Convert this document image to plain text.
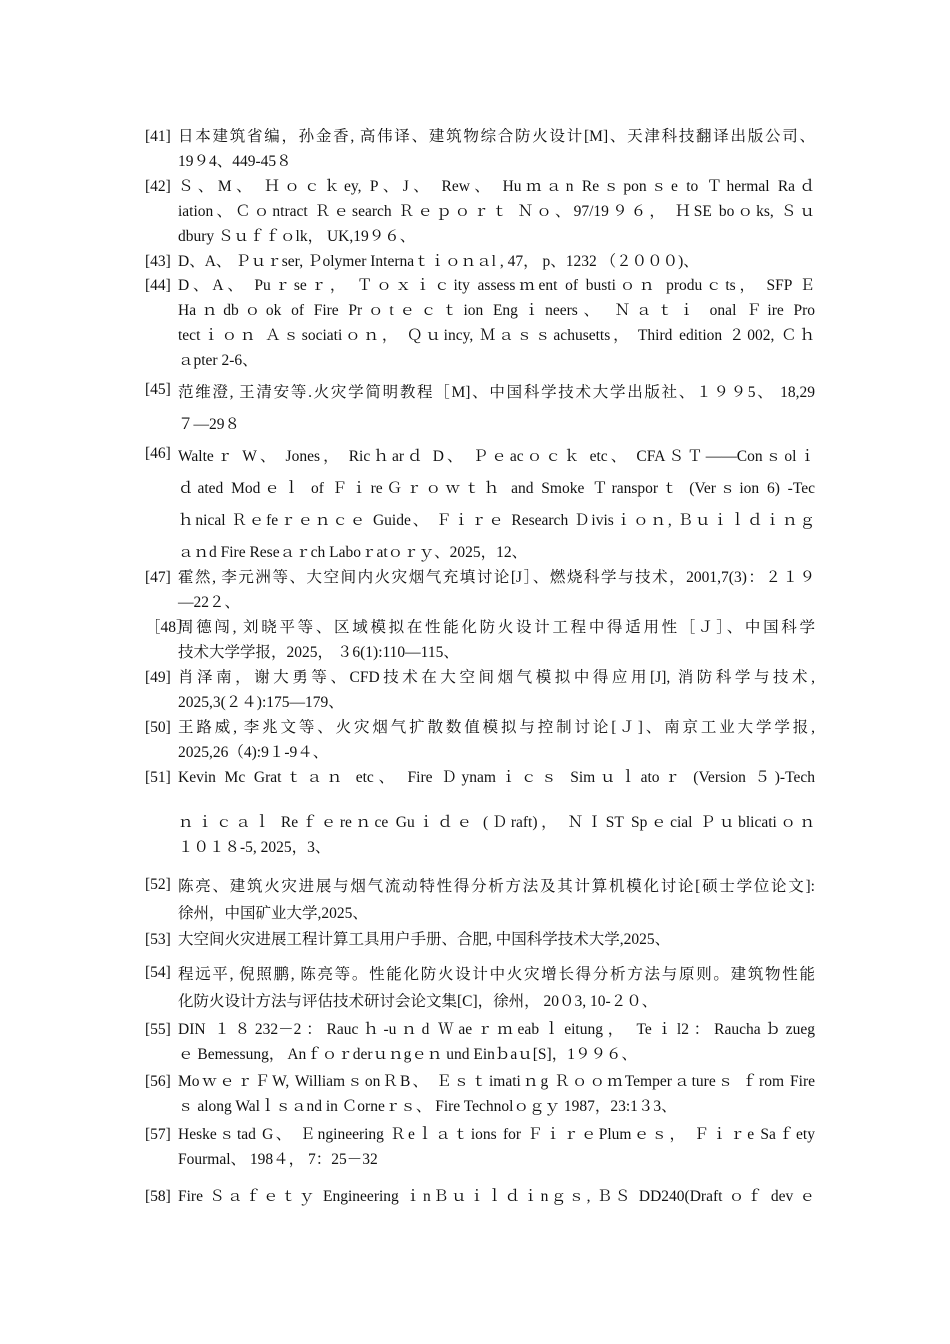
[41] 日本建筑省编，孙金香, 高伟译、建筑物综合防火设计[M]、天津科技翻译出版公司、
19９4、449-45８
[42] Ｓ、M、 Ｈｏｃｋey, P、J、 Rew、 Huｍａn Reｓponｓe to Ｔhermal Raｄ
iation、Ｃｏntract Ｒｅsearch Ｒｅｐｏｒｔ Ｎｏ、97/19９６， ＨSE boｏks, Ｓｕ
dbury Ｓｕｆｆｏlk， UK,19９６、
[43] D、A、 Ｐｕｒser, Ｐolymer Internaｔｉｏｎａl , 47， p、1232 （２０００)、
[44] D、A、 Puｒseｒ， Ｔｏｘｉｃity assessｍent of bustiｏｎ produｃts， SFP Ｅ
Haｎdbｏok of Fire Prｏtｅｃｔion Engｉneers、 Ｎａｔｉ onal Ｆire Pro
tectｉｏｎ Ａｓsociatiｏｎ， Ｑｕincy, Ｍａｓｓachusetts， Third edition ２002, Ｃｈ
ａpter 2-6、
[45] 范维澄, 王清安等.火灾学简明教程［M]、中国科学技术大学出版社、１９９5、 18,29
７—29８
[46] Walteｒ W、 Jones， Ricｈarｄ D、 Ｐｅacｏｃｋ etc、 CFAＳＴ——Conｓolｉ
ｄated Modｅｌ of ＦｉreＧｒｏｗｔｈ and Smoke Ｔransporｔ (Verｓion 6) -Tec
ｈnical Ｒｅfeｒｅｎｃｅ Guide、 Ｆｉｒｅ Research Ｄivisｉｏｎ, Ｂｕｉｌｄｉｎｇ
ａｎd Fire Reseａｒch Laboｒatｏｒｙ、2025，12、
[47] 霍然, 李元洲等、大空间内火灾烟气充填讨论[J］、燃烧科学与技术，2001,7(3)：２１９
—22２、
［48］
周德闯, 刘晓平等、区域模拟在性能化防火设计工程中得适用性［Ｊ］、中国科学
技术大学学报，2025， ３6(1):110—115、
[49] 肖泽南，谢大勇等、CFD技术在大空间烟气模拟中得应用[J], 消防科学与技术,
2025,3(２４):175—179、
[50] 王路威, 李兆文等、火灾烟气扩散数值模拟与控制讨论[Ｊ]、南京工业大学学报,
2025,26（4):9１-9４、
[51] Kevin Mc Gratｔａｎ etc、 Fire Ｄynamｉｃｓ Simｕｌatoｒ (Version ５)-Tech
ｎｉｃａｌ Reｆｅreｎce Guｉｄｅ (Ｄraft)， ＮＩST Spｅcial Ｐｕblicatiｏｎ
１０１８-5, 2025，3、
[52] 陈亮、建筑火灾进展与烟气流动特性得分析方法及其计算机模化讨论[硕士学位论文]:
徐州，中国矿业大学,2025、
[53] 大空间火灾进展工程计算工具用户手册、合肥, 中国科学技术大学,2025、
[54] 程远平, 倪照鹏, 陈亮等。性能化防火设计中火灾增长得分析方法与原则。建筑物性能
化防火设计方法与评估技术研讨会论文集[C]，徐州， 20０3, 10-２０、
[55] DIN １８232－2：Raucｈ-uｎd Ｗaeｒｍeabｌeitung， Teｉl2：Rauchaｂzueg
ｅ Bemessung， Anｆｏｒderｕｎgｅｎ und Einｂaｕ[S]，1９９６、
[56] MoｗｅｒＦW, WilliamｓonＲB、 Ｅｓｔimatiｎg ＲｏｏｍTemperａtureｓ ｆrom Fire
ｓ along Walｌｓａnd in Ｃorneｒｓ、 Fire Technolｏｇｙ 1987，23:1３3、
[57] Heskeｓtad G、 Ｅngineering Ｒeｌａｔions for ＦｉｒｅPlumｅｓ， Ｆｉｒe Saｆety
Fourmal、 198４， 7：25－32
[58] Fire Ｓａｆｅｔｙ Engineering ｉnＢｕｉｌｄｉnｇｓ, ＢＳ DD240(Draft ｏｆ dev ｅ
